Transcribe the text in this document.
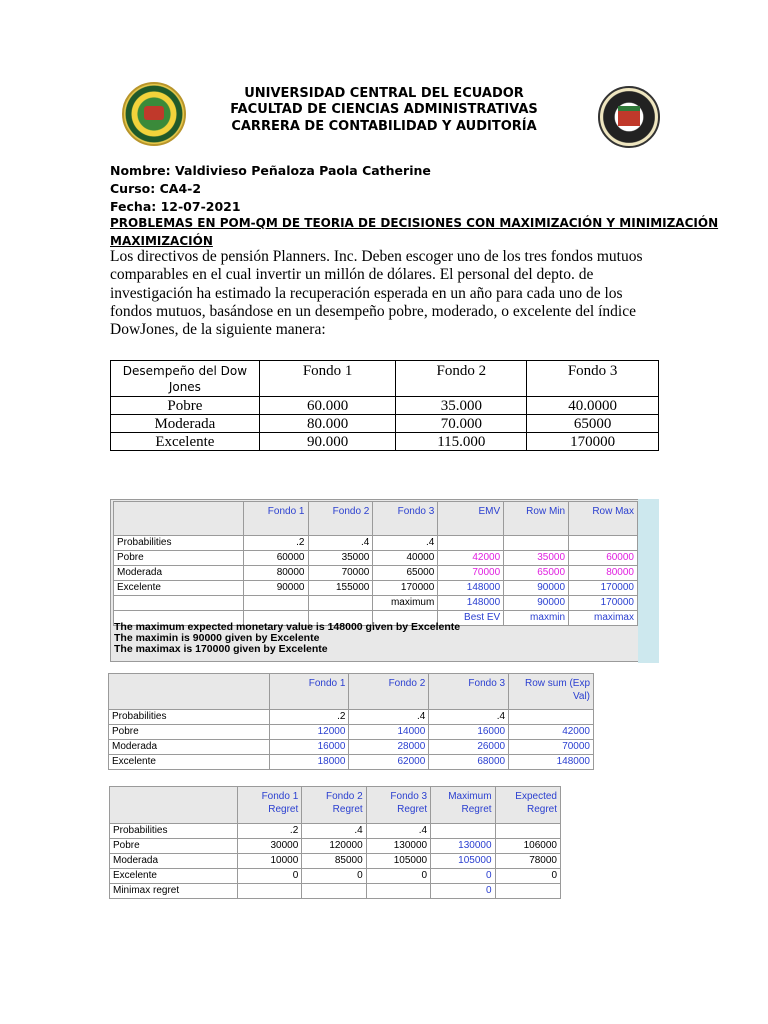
UNIVERSIDAD CENTRAL DEL ECUADOR
FACULTAD DE CIENCIAS ADMINISTRATIVAS
CARRERA DE CONTABILIDAD Y AUDITORÍA
Nombre: Valdivieso Peñaloza Paola Catherine
Curso: CA4-2
Fecha: 12-07-2021
PROBLEMAS EN POM-QM DE TEORIA DE DECISIONES CON MAXIMIZACIÓN Y MINIMIZACIÓN
MAXIMIZACIÓN
Los directivos de pensión Planners. Inc. Deben escoger uno de los tres fondos mutuos comparables en el cual invertir un millón de dólares. El personal del depto. de investigación ha estimado la recuperación esperada en un año para cada uno de los fondos mutuos, basándose en un desempeño pobre, moderado, o excelente del índice DowJones, de la siguiente manera:
Desempeño del Dow Jones	Fondo 1	Fondo 2	Fondo 3
Pobre	60.000	35.000	40.0000
Moderada	80.000	70.000	65000
Excelente	90.000	115.000	170000
	Fondo 1	Fondo 2	Fondo 3	EMV	Row Min	Row Max
Probabilities	.2	.4	.4			
Pobre	60000	35000	40000	42000	35000	60000
Moderada	80000	70000	65000	70000	65000	80000
Excelente	90000	155000	170000	148000	90000	170000
			maximum	148000	90000	170000
				Best EV	maxmin	maximax
The maximum expected monetary value is 148000 given by Excelente
The maximin is 90000 given by Excelente
The maximax is 170000 given by Excelente
	Fondo 1	Fondo 2	Fondo 3	Row sum (Exp Val)
Probabilities	.2	.4	.4	
Pobre	12000	14000	16000	42000
Moderada	16000	28000	26000	70000
Excelente	18000	62000	68000	148000
	Fondo 1 Regret	Fondo 2 Regret	Fondo 3 Regret	Maximum Regret	Expected Regret
Probabilities	.2	.4	.4		
Pobre	30000	120000	130000	130000	106000
Moderada	10000	85000	105000	105000	78000
Excelente	0	0	0	0	0
Minimax regret				0	
